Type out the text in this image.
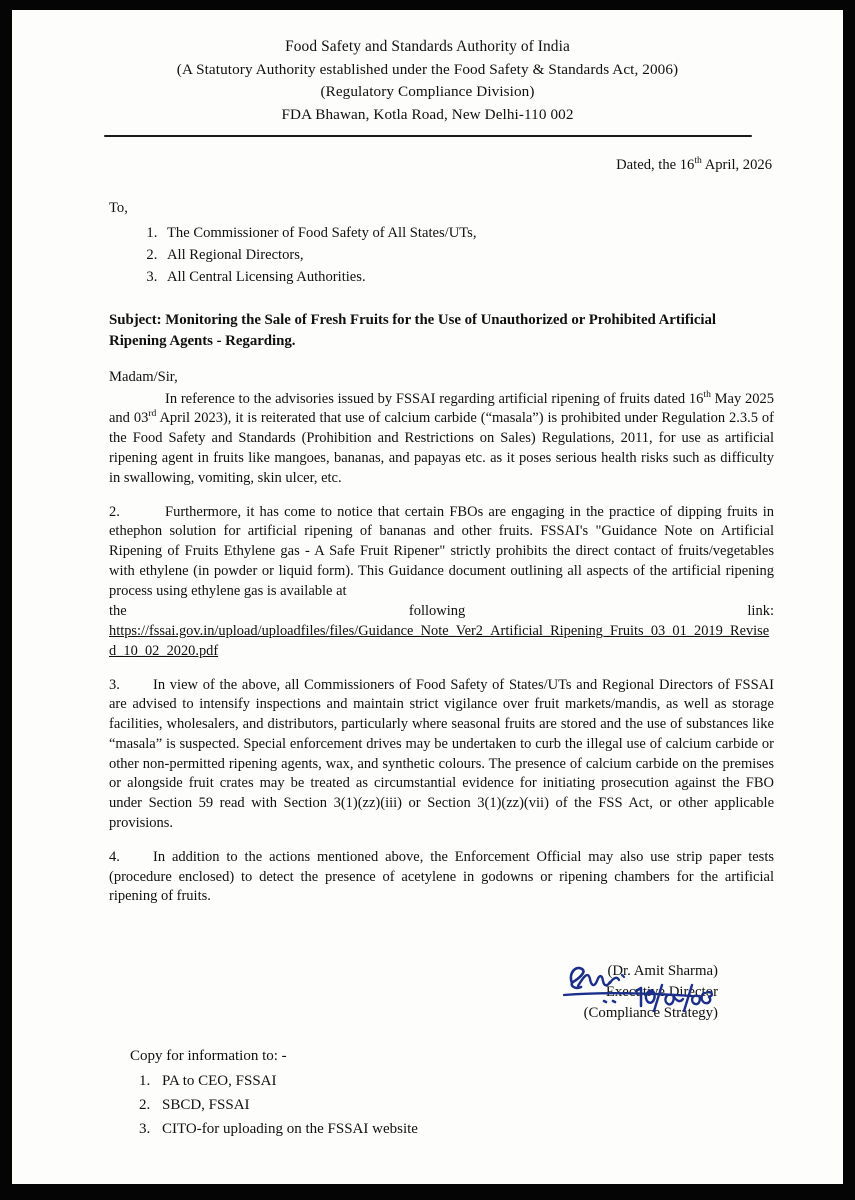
Food Safety and Standards Authority of India
(A Statutory Authority established under the Food Safety & Standards Act, 2006)
(Regulatory Compliance Division)
FDA Bhawan, Kotla Road, New Delhi-110 002
Dated, the 16th April, 2026
To,
1. The Commissioner of Food Safety of All States/UTs,
2. All Regional Directors,
3. All Central Licensing Authorities.
Subject: Monitoring the Sale of Fresh Fruits for the Use of Unauthorized or Prohibited Artificial Ripening Agents - Regarding.
Madam/Sir,

In reference to the advisories issued by FSSAI regarding artificial ripening of fruits dated 16th May 2025 and 03rd April 2023), it is reiterated that use of calcium carbide (“masala”) is prohibited under Regulation 2.3.5 of the Food Safety and Standards (Prohibition and Restrictions on Sales) Regulations, 2011, for use as artificial ripening agent in fruits like mangoes, bananas, and papayas etc. as it poses serious health risks such as difficulty in swallowing, vomiting, skin ulcer, etc.

2.	Furthermore, it has come to notice that certain FBOs are engaging in the practice of dipping fruits in ethephon solution for artificial ripening of bananas and other fruits. FSSAI's "Guidance Note on Artificial Ripening of Fruits Ethylene gas - A Safe Fruit Ripener" strictly prohibits the direct contact of fruits/vegetables with ethylene (in powder or liquid form). This Guidance document outlining all aspects of the artificial ripening process using ethylene gas is available at

the	following	link:
https://fssai.gov.in/upload/uploadfiles/files/Guidance_Note_Ver2_Artificial_Ripening_Fruits_03_01_2019_Revised_10_02_2020.pdf

3. In view of the above, all Commissioners of Food Safety of States/UTs and Regional Directors of FSSAI are advised to intensify inspections and maintain strict vigilance over fruit markets/mandis, as well as storage facilities, wholesalers, and distributors, particularly where seasonal fruits are stored and the use of substances like “masala” is suspected. Special enforcement drives may be undertaken to curb the illegal use of calcium carbide or other non-permitted ripening agents, wax, and synthetic colours. The presence of calcium carbide on the premises or alongside fruit crates may be treated as circumstantial evidence for initiating prosecution against the FBO under Section 59 read with Section 3(1)(zz)(iii) or Section 3(1)(zz)(vii) of the FSS Act, or other applicable provisions.

4. In addition to the actions mentioned above, the Enforcement Official may also use strip paper tests (procedure enclosed) to detect the presence of acetylene in godowns or ripening chambers for the artificial ripening of fruits.

(Dr. Amit Sharma)
Executive Director
(Compliance Strategy)
Copy for information to: -
1. PA to CEO, FSSAI
2. SBCD, FSSAI
3. CITO-for uploading on the FSSAI website
